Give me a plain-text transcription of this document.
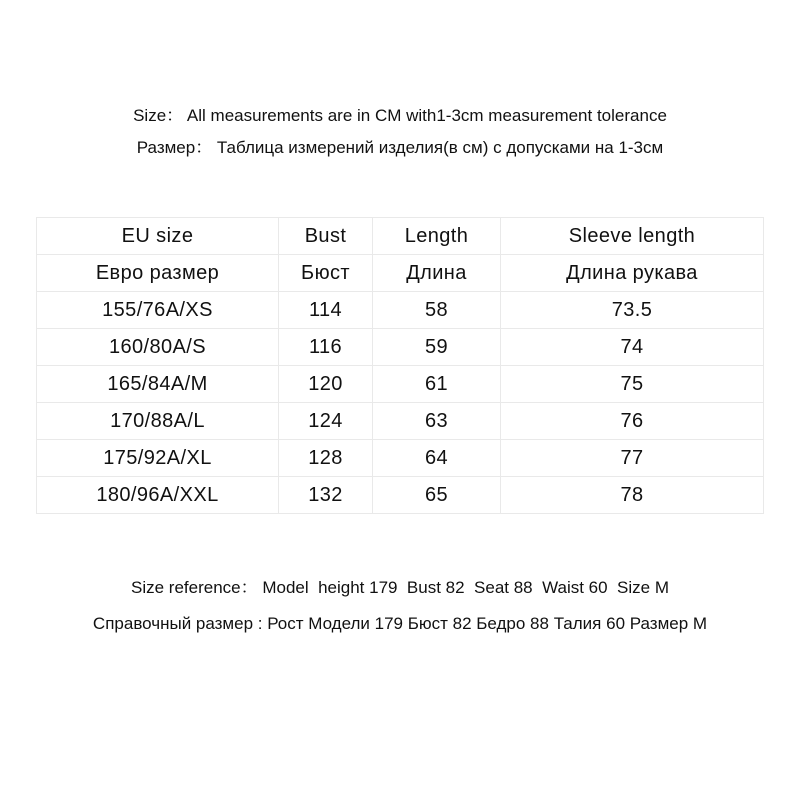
Size： All measurements are in CM with1-3cm measurement tolerance
Размер： Таблица измерений изделия(в см) с допусками на 1-3см
EU size	Bust	Length	Sleeve length
Евро размер	Бюст	Длина	Длина рукава
155/76A/XS	114	58	73.5
160/80A/S	116	59	74
165/84A/M	120	61	75
170/88A/L	124	63	76
175/92A/XL	128	64	77
180/96A/XXL	132	65	78
Size reference： Model  height 179  Bust 82  Seat 88  Waist 60  Size M
Справочный размер : Рост Модели 179 Бюст 82 Бедро 88 Талия 60 Размер М
